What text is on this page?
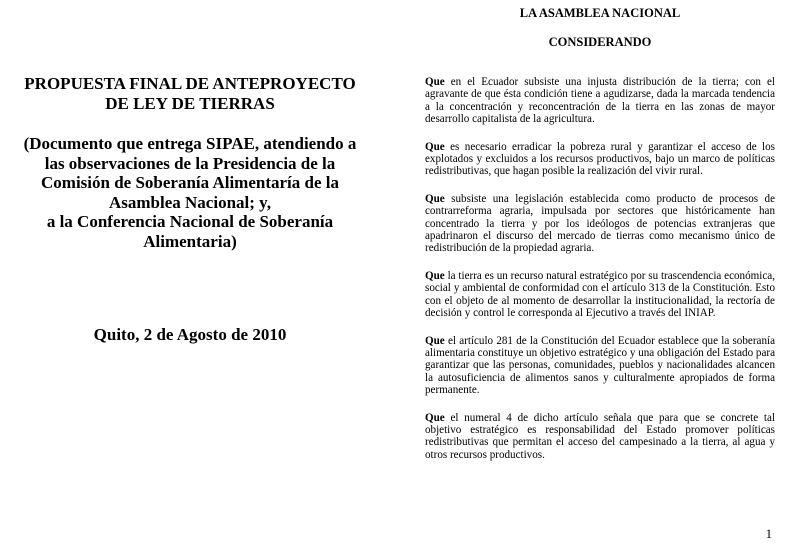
PROPUESTA FINAL DE ANTEPROYECTO
DE LEY DE TIERRAS
(Documento que entrega SIPAE, atendiendo a
las observaciones de la Presidencia de la
Comisión de Soberanía Alimentaría de la
Asamblea Nacional; y,
a la Conferencia Nacional de Soberanía
Alimentaria)

Quito, 2 de Agosto de 2010

LA ASAMBLEA NACIONAL

CONSIDERANDO

Que en el Ecuador subsiste una injusta distribución de la tierra; con el agravante de que ésta condición tiene a agudizarse, dada la marcada tendencia a la concentración y reconcentración de la tierra en las zonas de mayor desarrollo capitalista de la agricultura.

Que es necesario erradicar la pobreza rural y garantizar el acceso de los explotados y excluidos a los recursos productivos, bajo un marco de políticas redistributivas, que hagan posible la realización del vivir rural.

Que subsiste una legislación establecida como producto de procesos de contrarreforma agraria, impulsada por sectores que históricamente han concentrado la tierra y por los ideólogos de potencias extranjeras que apadrinaron el discurso del mercado de tierras como mecanismo único de redistribución de la propiedad agraria.

Que la tierra es un recurso natural estratégico por su trascendencia económica, social y ambiental de conformidad con el artículo 313 de la Constitución. Esto con el objeto de al momento de desarrollar la institucionalidad, la rectoría de decisión y control le corresponda al Ejecutivo a través del INIAP.

Que el artículo 281 de la Constitución del Ecuador establece que la soberanía alimentaria constituye un objetivo estratégico y una obligación del Estado para garantizar que las personas, comunidades, pueblos y nacionalidades alcancen la autosuficiencia de alimentos sanos y culturalmente apropiados de forma permanente.

Que el numeral 4 de dicho artículo señala que para que se concrete tal objetivo estratégico es responsabilidad del Estado promover políticas redistributivas que permitan el acceso del campesinado a la tierra, al agua y otros recursos productivos.

1
